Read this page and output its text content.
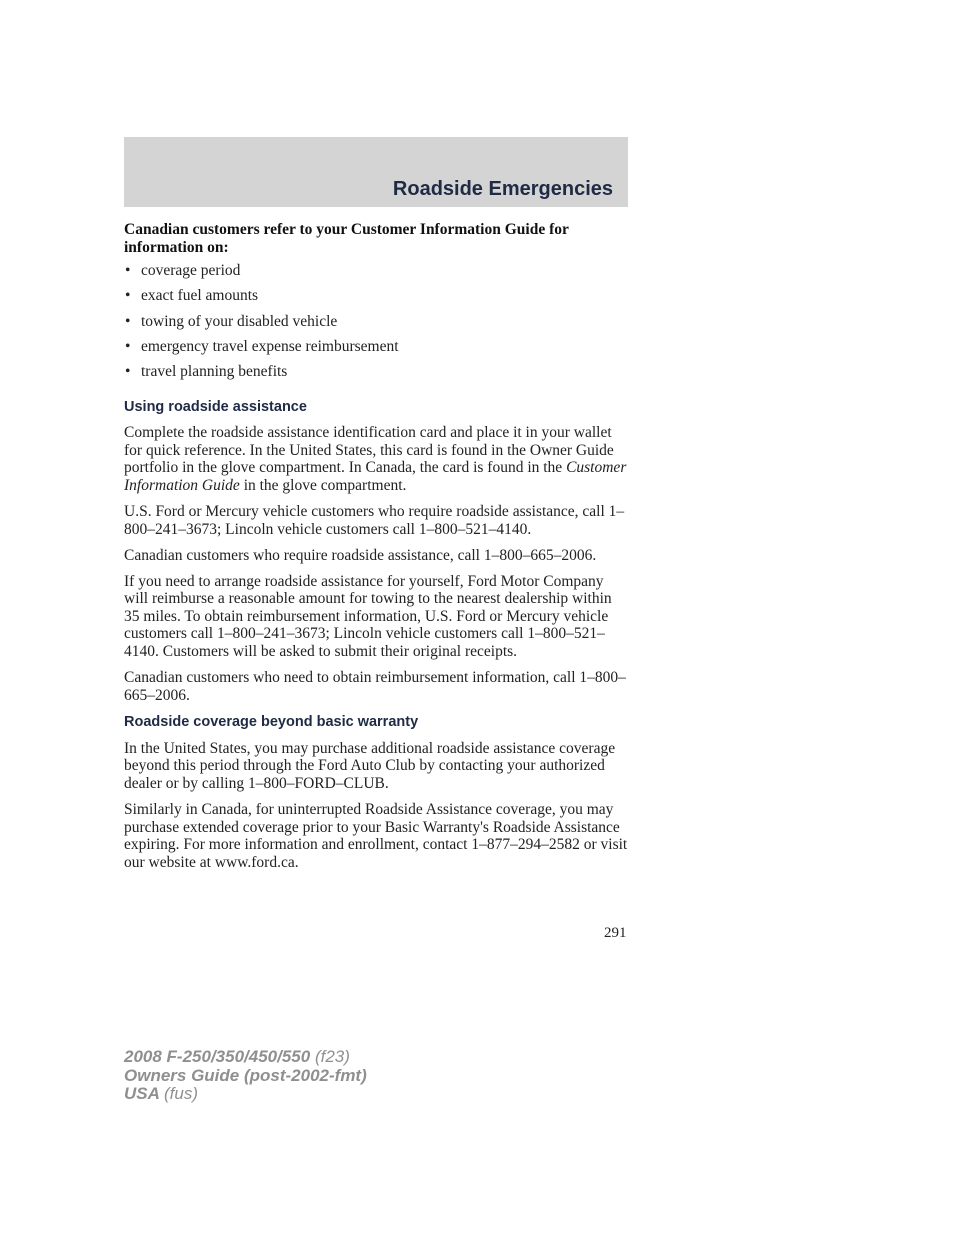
Roadside Emergencies

Canadian customers refer to your Customer Information Guide for information on:

• coverage period
• exact fuel amounts
• towing of your disabled vehicle
• emergency travel expense reimbursement
• travel planning benefits
Using roadside assistance

Complete the roadside assistance identification card and place it in your wallet for quick reference. In the United States, this card is found in the Owner Guide portfolio in the glove compartment. In Canada, the card is found in the Customer Information Guide in the glove compartment.

U.S. Ford or Mercury vehicle customers who require roadside assistance, call 1–800–241–3673; Lincoln vehicle customers call 1–800–521–4140.

Canadian customers who require roadside assistance, call 1–800–665–2006.

If you need to arrange roadside assistance for yourself, Ford Motor Company will reimburse a reasonable amount for towing to the nearest dealership within 35 miles. To obtain reimbursement information, U.S. Ford or Mercury vehicle customers call 1–800–241–3673; Lincoln vehicle customers call 1–800–521–4140. Customers will be asked to submit their original receipts.

Canadian customers who need to obtain reimbursement information, call 1–800–665–2006.

Roadside coverage beyond basic warranty

In the United States, you may purchase additional roadside assistance coverage beyond this period through the Ford Auto Club by contacting your authorized dealer or by calling 1–800–FORD–CLUB.

Similarly in Canada, for uninterrupted Roadside Assistance coverage, you may purchase extended coverage prior to your Basic Warranty's Roadside Assistance expiring. For more information and enrollment, contact 1–877–294–2582 or visit our website at www.ford.ca.

291
2008 F-250/350/450/550 (f23)
Owners Guide (post-2002-fmt)
USA (fus)
